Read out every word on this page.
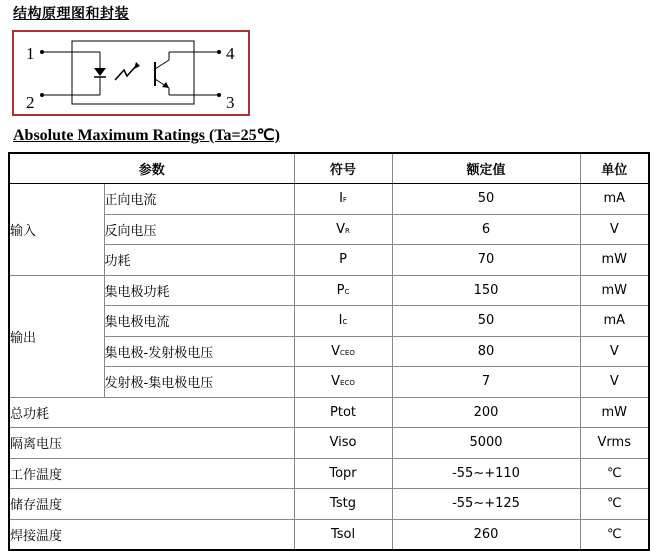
结构原理图和封装
1
2
4
3
Absolute Maximum Ratings (Ta=25℃)
参数		符号	额定值	单位
输入	正向电流	IF	50	mA
	反向电压	VR	6	V
	功耗	P	70	mW
输出	集电极功耗	PC	150	mW
	集电极电流	IC	50	mA
	集电极-发射极电压	VCEO	80	V
	发射极-集电极电压	VECO	7	V
总功耗		Ptot	200	mW
隔离电压		Viso	5000	Vrms
工作温度		Topr	-55~+110	℃
储存温度		Tstg	-55~+125	℃
焊接温度		Tsol	260	℃
